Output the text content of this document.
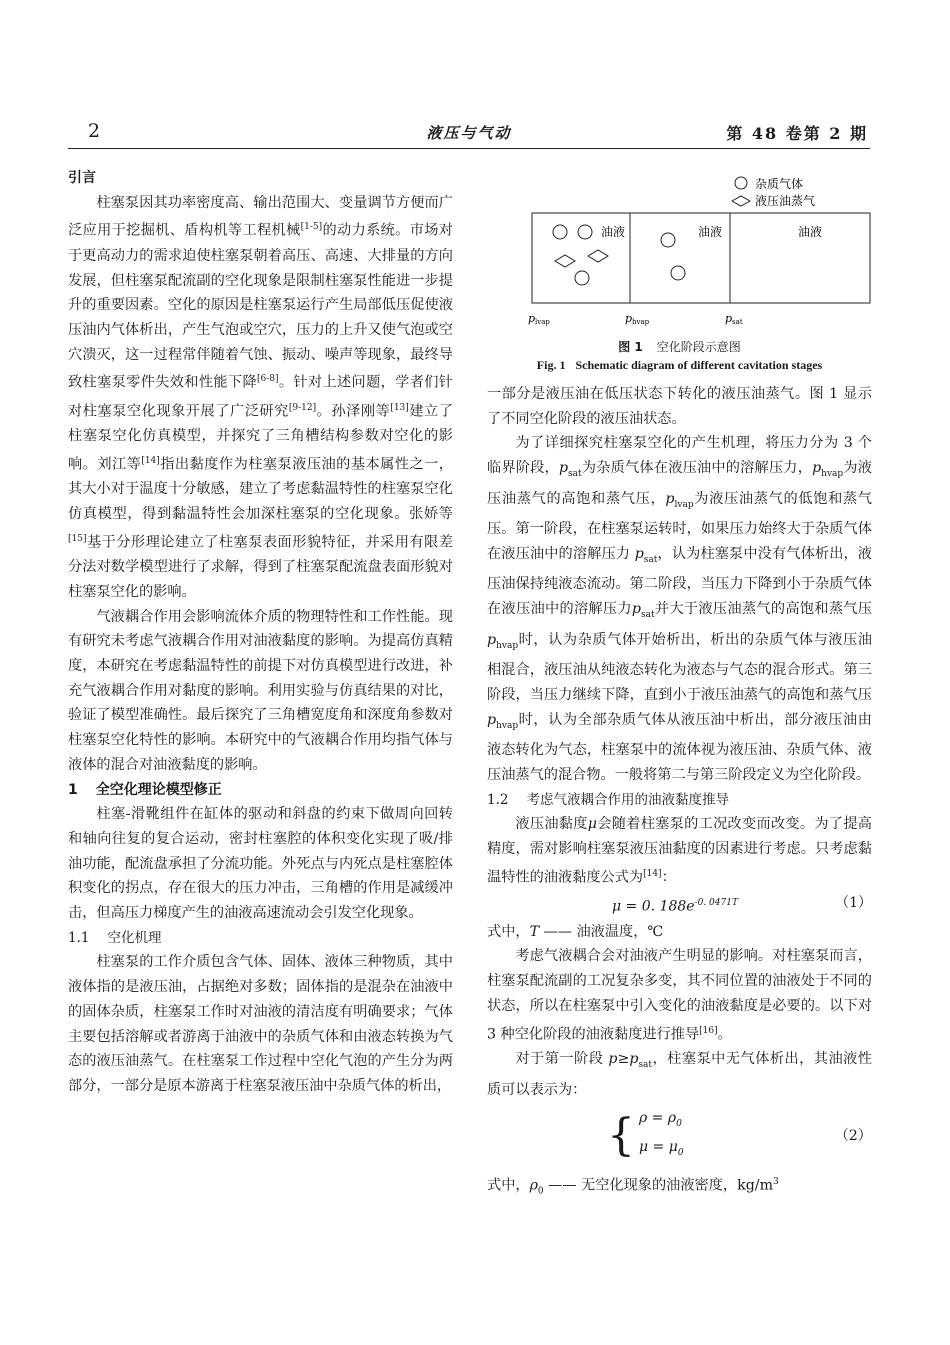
2	液压与气动	第 48 卷第 2 期
杂质气体
液压油蒸气
油液	油液	油液
plvap	phvap	psat
图 1 空化阶段示意图
Fig. 1 Schematic diagram of different cavitation stages
引言

柱塞泵因其功率密度高、输出范围大、变量调节方便而广泛应用于挖掘机、盾构机等工程机械[1-5]的动力系统。市场对于更高动力的需求迫使柱塞泵朝着高压、高速、大排量的方向发展，但柱塞泵配流副的空化现象是限制柱塞泵性能进一步提升的重要因素。空化的原因是柱塞泵运行产生局部低压促使液压油内气体析出，产生气泡或空穴，压力的上升又使气泡或空穴溃灭，这一过程常伴随着气蚀、振动、噪声等现象，最终导致柱塞泵零件失效和性能下降[6-8]。针对上述问题，学者们针对柱塞泵空化现象开展了广泛研究[9-12]。孙泽刚等[13]建立了柱塞泵空化仿真模型，并探究了三角槽结构参数对空化的影响。刘江等[14]指出黏度作为柱塞泵液压油的基本属性之一，其大小对于温度十分敏感，建立了考虑黏温特性的柱塞泵空化仿真模型，得到黏温特性会加深柱塞泵的空化现象。张娇等[15]基于分形理论建立了柱塞泵表面形貌特征，并采用有限差分法对数学模型进行了求解，得到了柱塞泵配流盘表面形貌对柱塞泵空化的影响。

气液耦合作用会影响流体介质的物理特性和工作性能。现有研究未考虑气液耦合作用对油液黏度的影响。为提高仿真精度，本研究在考虑黏温特性的前提下对仿真模型进行改进，补充气液耦合作用对黏度的影响。利用实验与仿真结果的对比，验证了模型准确性。最后探究了三角槽宽度角和深度角参数对柱塞泵空化特性的影响。本研究中的气液耦合作用均指气体与液体的混合对油液黏度的影响。

1 全空化理论模型修正

柱塞-滑靴组件在缸体的驱动和斜盘的约束下做周向回转和轴向往复的复合运动，密封柱塞腔的体积变化实现了吸/排油功能，配流盘承担了分流功能。外死点与内死点是柱塞腔体积变化的拐点，存在很大的压力冲击，三角槽的作用是减缓冲击，但高压力梯度产生的油液高速流动会引发空化现象。

1.1 空化机理

柱塞泵的工作介质包含气体、固体、液体三种物质，其中液体指的是液压油，占据绝对多数；固体指的是混杂在油液中的固体杂质，柱塞泵工作时对油液的清洁度有明确要求；气体主要包括溶解或者游离于油液中的杂质气体和由液态转换为气态的液压油蒸气。在柱塞泵工作过程中空化气泡的产生分为两部分，一部分是原本游离于柱塞泵液压油中杂质气体的析出，

一部分是液压油在低压状态下转化的液压油蒸气。图 1 显示了不同空化阶段的液压油状态。

为了详细探究柱塞泵空化的产生机理，将压力分为 3 个临界阶段，$p_{sat}$为杂质气体在液压油中的溶解压力，$p_{hvap}$为液压油蒸气的高饱和蒸气压，$p_{lvap}$为液压油蒸气的低饱和蒸气压。第一阶段，在柱塞泵运转时，如果压力始终大于杂质气体在液压油中的溶解压力 $p_{sat}$，认为柱塞泵中没有气体析出，液压油保持纯液态流动。第二阶段，当压力下降到小于杂质气体在液压油中的溶解压力$p_{sat}$并大于液压油蒸气的高饱和蒸气压 $p_{hvap}$时，认为杂质气体开始析出，析出的杂质气体与液压油相混合，液压油从纯液态转化为液态与气态的混合形式。第三阶段，当压力继续下降，直到小于液压油蒸气的高饱和蒸气压 $p_{hvap}$时，认为全部杂质气体从液压油中析出，部分液压油由液态转化为气态，柱塞泵中的流体视为液压油、杂质气体、液压油蒸气的混合物。一般将第二与第三阶段定义为空化阶段。

1.2 考虑气液耦合作用的油液黏度推导

液压油黏度μ会随着柱塞泵的工况改变而改变。为了提高精度，需对影响柱塞泵液压油黏度的因素进行考虑。只考虑黏温特性的油液黏度公式为[14]：

μ = 0. $188e^{-0. 0471T}$	（1）

式中，T —— 油液温度，℃

考虑气液耦合会对油液产生明显的影响。对柱塞泵而言，柱塞泵配流副的工况复杂多变，其不同位置的油液处于不同的状态，所以在柱塞泵中引入变化的油液黏度是必要的。以下对 3 种空化阶段的油液黏度进行推导[16]。

对于第一阶段 $p\ge p_{sat}$，柱塞泵中无气体析出，其油液性质可以表示为：

{ $\rho = \rho_0$
$\mu = \mu_0$
（2）

式中，$\rho_0$ —— 无空化现象的油液密度，$kg/m^3$
